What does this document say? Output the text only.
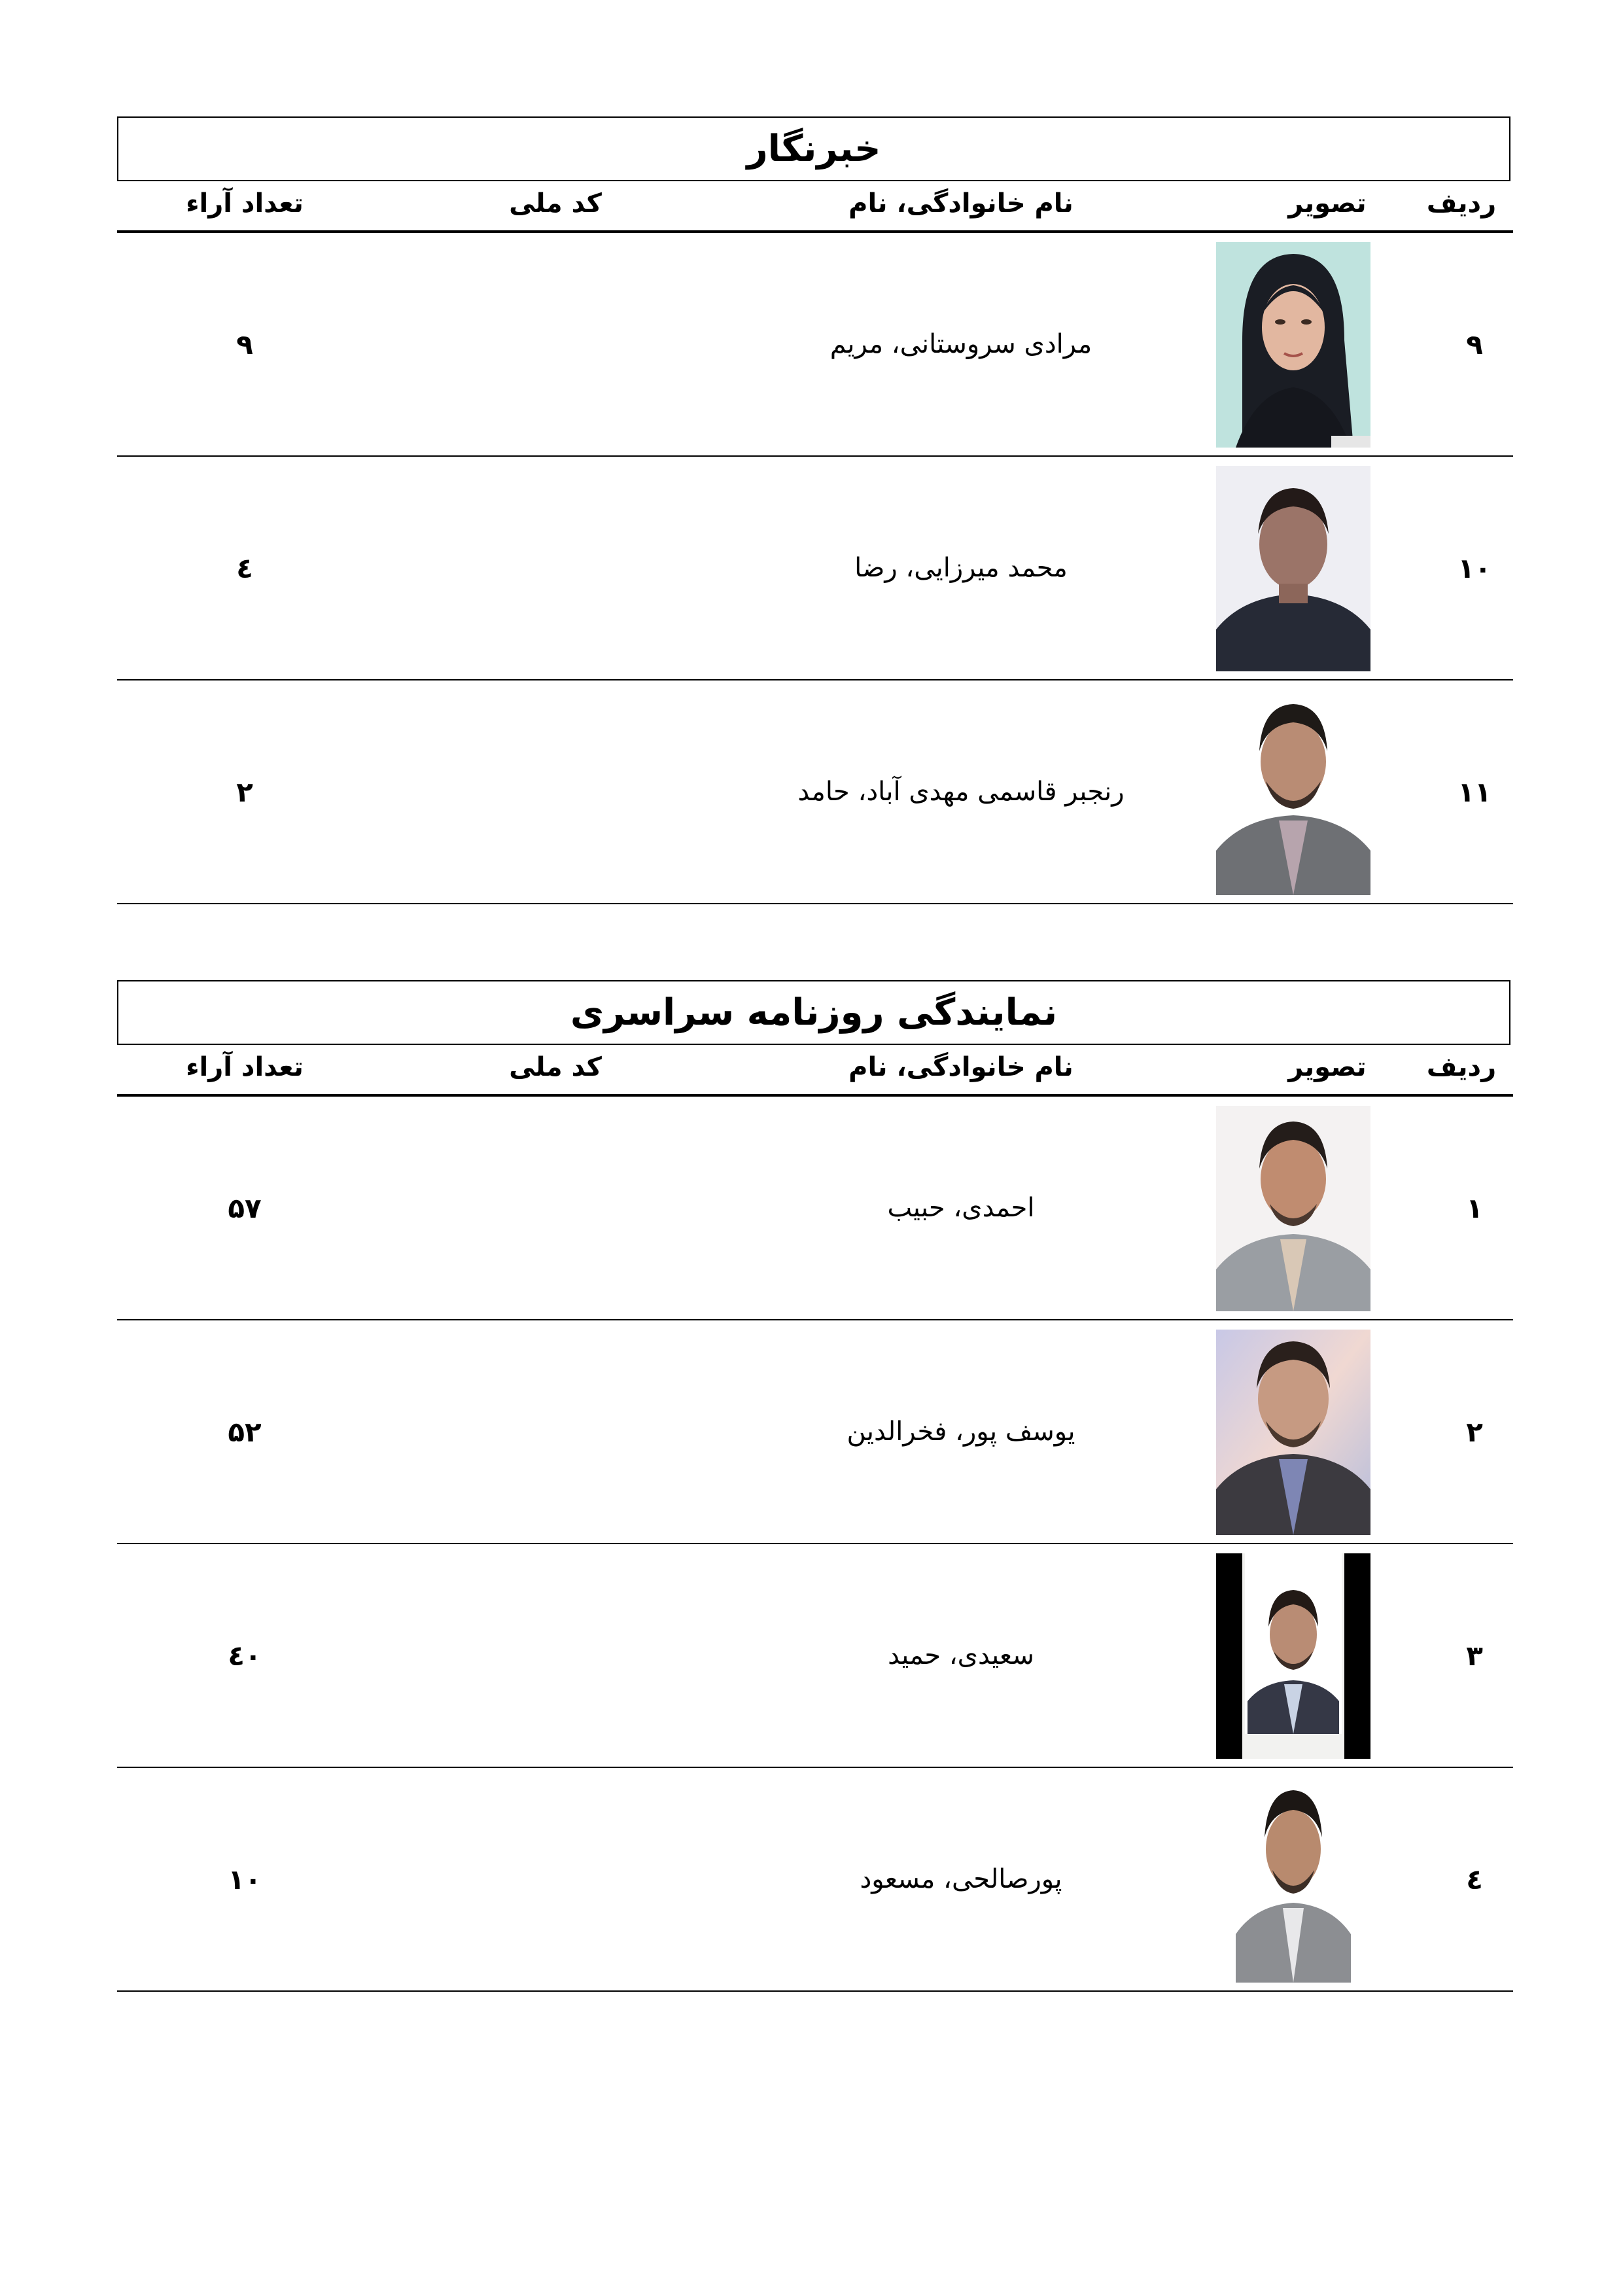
خبرنگار
ردیف
تصویر
نام خانوادگی، نام
کد ملی
تعداد آراء
۹
مرادی سروستانی، مریم
۹
۱۰
محمد میرزایی، رضا
٤
۱۱
رنجبر قاسمی مهدی آباد، حامد
۲
نمایندگی روزنامه سراسری
ردیف
تصویر
نام خانوادگی، نام
کد ملی
تعداد آراء
۱
احمدی، حبیب
۵۷
۲
یوسف پور، فخرالدین
۵۲
۳
سعیدی، حمید
٤۰
٤
پورصالحی، مسعود
۱۰
